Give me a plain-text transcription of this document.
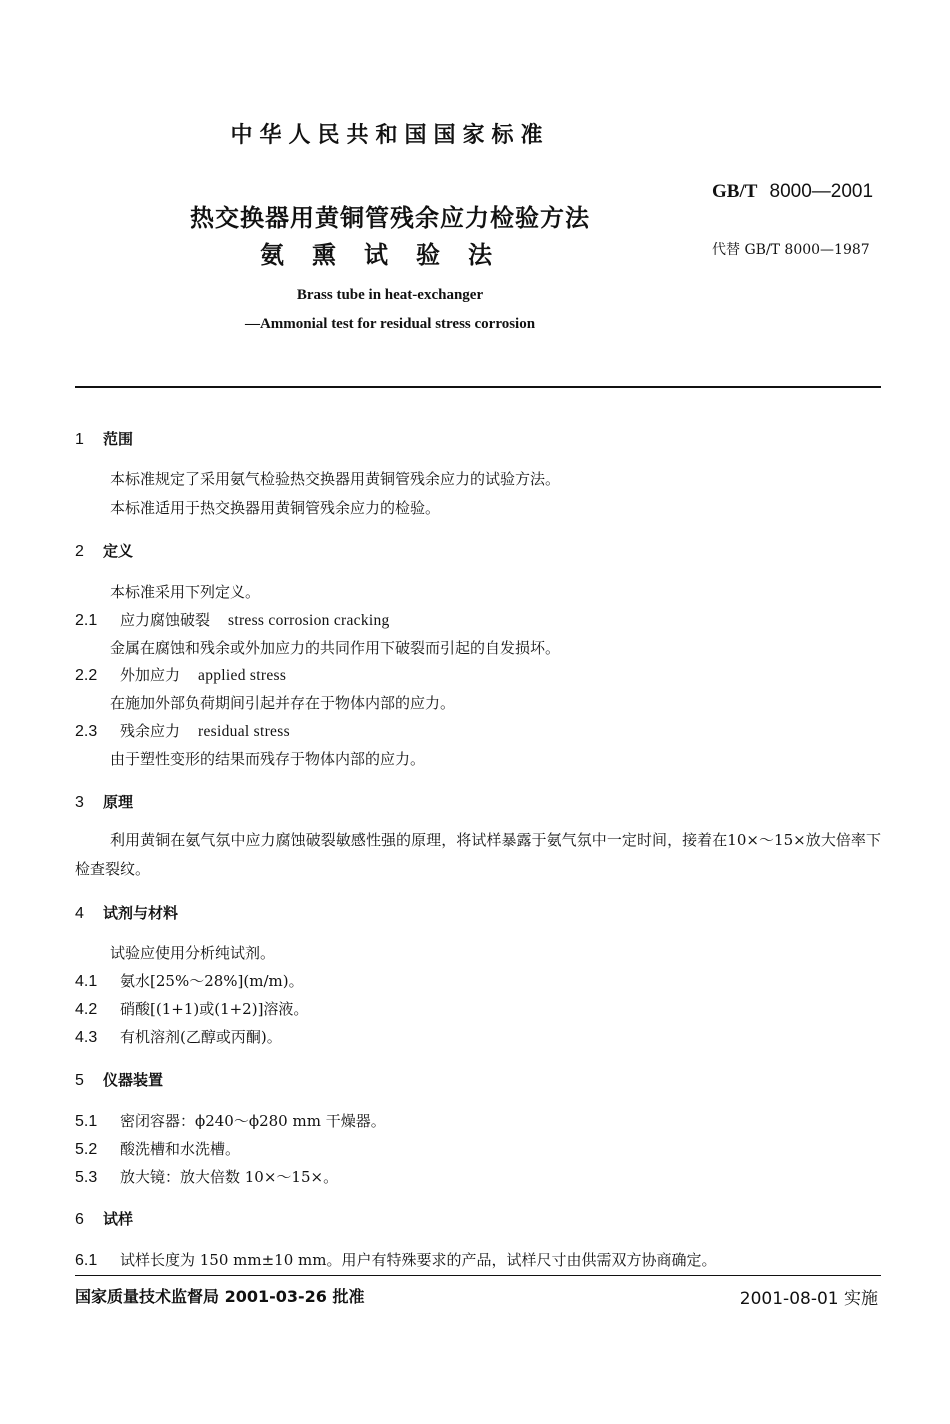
中华人民共和国国家标准
GB/T 8000—2001
代替 GB/T 8000—1987
热交换器用黄铜管残余应力检验方法
氨熏试验法
Brass tube in heat-exchanger
—Ammonial test for residual stress corrosion
1 范围
本标准规定了采用氨气检验热交换器用黄铜管残余应力的试验方法。
本标准适用于热交换器用黄铜管残余应力的检验。
2 定义
本标准采用下列定义。
2.1 应力腐蚀破裂 stress corrosion cracking
金属在腐蚀和残余或外加应力的共同作用下破裂而引起的自发损坏。
2.2 外加应力 applied stress
在施加外部负荷期间引起并存在于物体内部的应力。
2.3 残余应力 residual stress
由于塑性变形的结果而残存于物体内部的应力。
3 原理
利用黄铜在氨气氛中应力腐蚀破裂敏感性强的原理，将试样暴露于氨气氛中一定时间，接着在10×～15×放大倍率下检查裂纹。
4 试剂与材料
试验应使用分析纯试剂。
4.1 氨水[25%～28%](m/m)。
4.2 硝酸[(1+1)或(1+2)]溶液。
4.3 有机溶剂(乙醇或丙酮)。
5 仪器装置
5.1 密闭容器：ϕ240～ϕ280 mm 干燥器。
5.2 酸洗槽和水洗槽。
5.3 放大镜：放大倍数 10×～15×。
6 试样
6.1 试样长度为 150 mm±10 mm。用户有特殊要求的产品，试样尺寸由供需双方协商确定。
国家质量技术监督局 2001-03-26 批准	2001-08-01 实施
